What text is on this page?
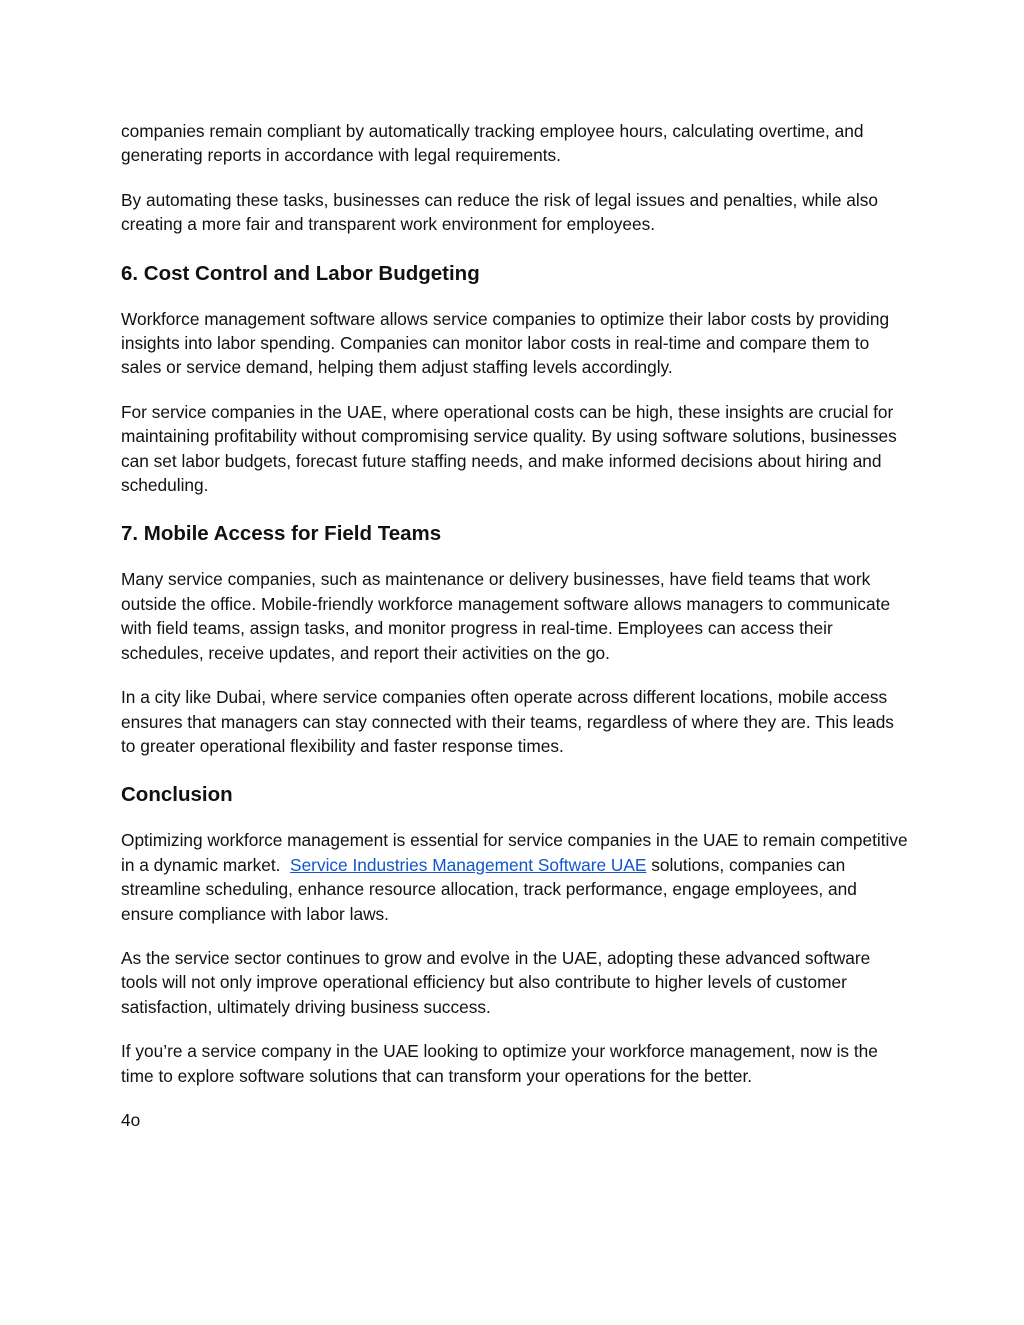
companies remain compliant by automatically tracking employee hours, calculating overtime, and generating reports in accordance with legal requirements.

By automating these tasks, businesses can reduce the risk of legal issues and penalties, while also creating a more fair and transparent work environment for employees.

6. Cost Control and Labor Budgeting

Workforce management software allows service companies to optimize their labor costs by providing insights into labor spending. Companies can monitor labor costs in real-time and compare them to sales or service demand, helping them adjust staffing levels accordingly.

For service companies in the UAE, where operational costs can be high, these insights are crucial for maintaining profitability without compromising service quality. By using software solutions, businesses can set labor budgets, forecast future staffing needs, and make informed decisions about hiring and scheduling.

7. Mobile Access for Field Teams

Many service companies, such as maintenance or delivery businesses, have field teams that work outside the office. Mobile-friendly workforce management software allows managers to communicate with field teams, assign tasks, and monitor progress in real-time. Employees can access their schedules, receive updates, and report their activities on the go.

In a city like Dubai, where service companies often operate across different locations, mobile access ensures that managers can stay connected with their teams, regardless of where they are. This leads to greater operational flexibility and faster response times.

Conclusion

Optimizing workforce management is essential for service companies in the UAE to remain competitive in a dynamic market.  Service Industries Management Software UAE solutions, companies can streamline scheduling, enhance resource allocation, track performance, engage employees, and ensure compliance with labor laws.

As the service sector continues to grow and evolve in the UAE, adopting these advanced software tools will not only improve operational efficiency but also contribute to higher levels of customer satisfaction, ultimately driving business success.

If you’re a service company in the UAE looking to optimize your workforce management, now is the time to explore software solutions that can transform your operations for the better.

4o
